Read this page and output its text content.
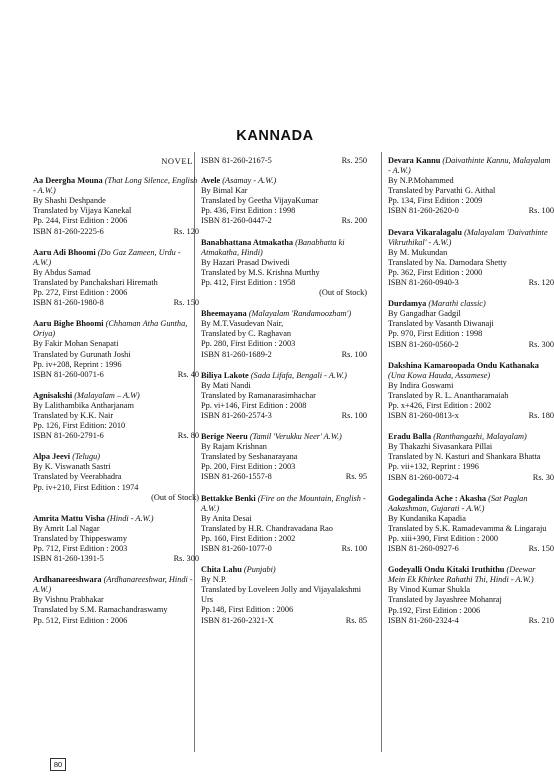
KANNADA
NOVEL
Aa Deergha Mouna (That Long Silence, English - A.W.)
By Shashi Deshpande
Translated by Vijaya Kanekal
Pp. 244, First Edition : 2006
ISBN 81-260-2225-6	Rs. 120
Aaru Adi Bhoomi (Do Gaz Zameen, Urdu - A.W.)
By Abdus Samad
Translated by Panchakshari Hiremath
Pp. 272, First Edition : 2006
ISBN 81-260-1980-8	Rs. 150
Aaru Bighe Bhoomi (Chhaman Atha Guntha, Oriya)
By Fakir Mohan Senapati
Translated by Gurunath Joshi
Pp. iv+208, Reprint : 1996
ISBN 81-260-0071-6	Rs. 40
Agnisakshi (Malayalam – A.W)
By Lalithambika Antharjanam
Translated by K.K. Nair
Pp. 126, First Edition: 2010
ISBN 81-260-2791-6	Rs. 80
Alpa Jeevi (Telugu)
By K. Viswanath Sastri
Translated by Veerabhadra
Pp. iv+210, First Edition : 1974
(Out of Stock)
Amrita Mattu Visha (Hindi - A.W.)
By Amrit Lal Nagar
Translated by Thippeswamy
Pp. 712, First Edition : 2003
ISBN 81-260-1391-5	Rs. 300
Ardhanareeshwara (Ardhanareeshwar, Hindi - A.W.)
By Vishnu Prabhakar
Translated by S.M. Ramachandraswamy
Pp. 512, First Edition : 2006
ISBN 81-260-2167-5	Rs. 250
Avele (Asamay - A.W.)
By Bimal Kar
Translated by Geetha VijayaKumar
Pp. 436, First Edition : 1998
ISBN 81-260-0447-2	Rs. 200
Banabhattana Atmakatha (Banabhatta ki Atmakatha, Hindi)
By Hazari Prasad Dwivedi
Translated by M.S. Krishna Murthy
Pp. 412, First Edition : 1958
(Out of Stock)
Bheemayana (Malayalam 'Randamoozham')
By M.T.Vasudevan Nair,
Translated by C. Raghavan
Pp. 280, First Edition : 2003
ISBN 81-260-1689-2	Rs. 100
Biliya Lakote (Sada Lifafa, Bengali - A.W.)
By Mati Nandi
Translated by Ramanarasimhachar
Pp. vi+146, First Edition : 2008
ISBN 81-260-2574-3	Rs. 100
Berige Neeru (Tamil 'Verukku Neer' A.W.)
By Rajam Krishnan
Translated by Seshanarayana
Pp. 200, First Edition : 2003
ISBN 81-260-1557-8	Rs. 95
Bettakke Benki (Fire on the Mountain, English - A.W.)
By Anita Desai
Translated by H.R. Chandravadana Rao
Pp. 160, First Edition : 2002
ISBN 81-260-1077-0	Rs. 100
Chita Lahu (Punjabi)
By N.P.
Translated by Loveleen Jolly and Vijayalakshmi Urs
Pp.148, First Edition : 2006
ISBN 81-260-2321-X	Rs. 85
Devara Kannu (Daivathinte Kannu, Malayalam - A.W.)
By N.P.Mohammed
Translated by Parvathi G. Aithal
Pp. 134, First Edition : 2009
ISBN 81-260-2620-0	Rs. 100
Devara Vikaralagalu (Malayalam 'Daivathinte Vikruthikal' - A.W.)
By M. Mukundan
Translated by Na. Damodara Shetty
Pp. 362, First Edition : 2000
ISBN 81-260-0940-3	Rs. 120
Durdamya (Marathi classic)
By Gangadhar Gadgil
Translated by Vasanth Diwanaji
Pp. 970, First Edition : 1998
ISBN 81-260-0560-2	Rs. 300
Dakshina Kamaroopada Ondu Kathanaka (Una Kowa Hauda, Assamese)
By Indira Goswami
Translated by R. L. Anantharamaiah
Pp. x+426, First Edition : 2002
ISBN 81-260-0813-x	Rs. 180
Eradu Balla (Ranthangazhi, Malayalam)
By Thakazhi Sivasankara Pillai
Translated by N. Kasturi and Shankara Bhatta
Pp. vii+132, Reprint : 1996
ISBN 81-260-0072-4	Rs. 30
Godegalinda Ache : Akasha (Sat Paglan Aakashman, Gujarati - A.W.)
By Kundanika Kapadia
Translated by S.K. Ramadevamma & Lingaraju
Pp. xiii+390, First Edition : 2000
ISBN 81-260-0927-6	Rs. 150
Godeyalli Ondu Kitaki Iruthithu (Deewar Mein Ek Khirkee Rahathi Thi, Hindi - A.W.)
By Vinod Kumar Shukla
Translated by Jayashree Mohanraj
Pp.192, First Edition : 2006
ISBN 81-260-2324-4	Rs. 210
80
